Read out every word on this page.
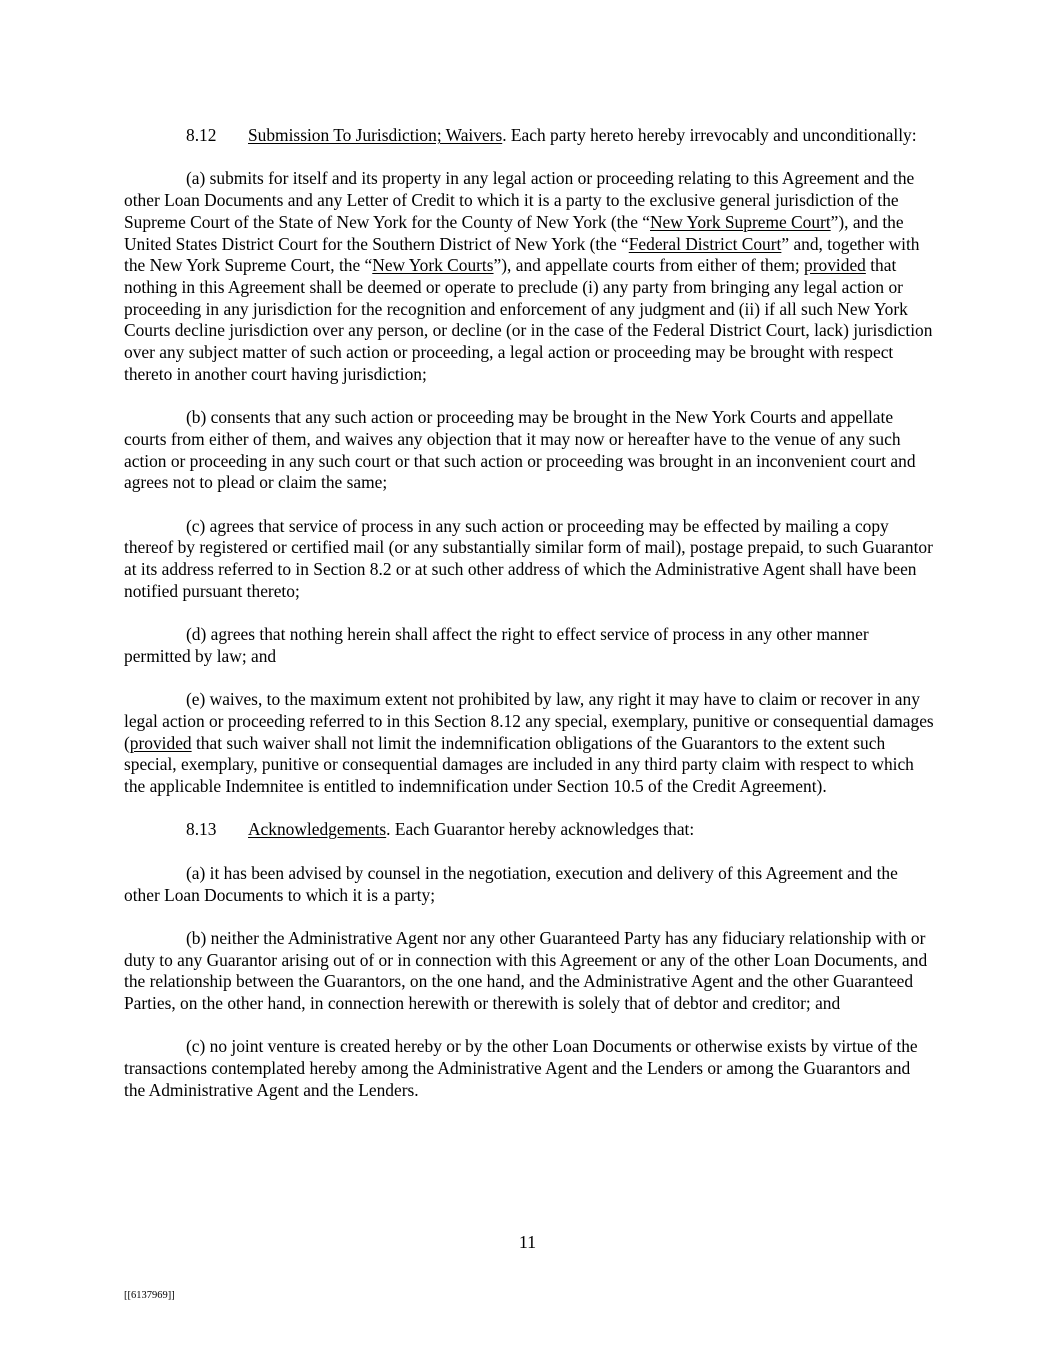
8.12 Submission To Jurisdiction; Waivers. Each party hereto hereby irrevocably and unconditionally:

(a) submits for itself and its property in any legal action or proceeding relating to this Agreement and the other Loan Documents and any Letter of Credit to which it is a party to the exclusive general jurisdiction of the Supreme Court of the State of New York for the County of New York (the “New York Supreme Court”), and the United States District Court for the Southern District of New York (the “Federal District Court” and, together with the New York Supreme Court, the “New York Courts”), and appellate courts from either of them; provided that nothing in this Agreement shall be deemed or operate to preclude (i) any party from bringing any legal action or proceeding in any jurisdiction for the recognition and enforcement of any judgment and (ii) if all such New York Courts decline jurisdiction over any person, or decline (or in the case of the Federal District Court, lack) jurisdiction over any subject matter of such action or proceeding, a legal action or proceeding may be brought with respect thereto in another court having jurisdiction;

(b) consents that any such action or proceeding may be brought in the New York Courts and appellate courts from either of them, and waives any objection that it may now or hereafter have to the venue of any such action or proceeding in any such court or that such action or proceeding was brought in an inconvenient court and agrees not to plead or claim the same;

(c) agrees that service of process in any such action or proceeding may be effected by mailing a copy thereof by registered or certified mail (or any substantially similar form of mail), postage prepaid, to such Guarantor at its address referred to in Section 8.2 or at such other address of which the Administrative Agent shall have been notified pursuant thereto;

(d) agrees that nothing herein shall affect the right to effect service of process in any other manner permitted by law; and

(e) waives, to the maximum extent not prohibited by law, any right it may have to claim or recover in any legal action or proceeding referred to in this Section 8.12 any special, exemplary, punitive or consequential damages (provided that such waiver shall not limit the indemnification obligations of the Guarantors to the extent such special, exemplary, punitive or consequential damages are included in any third party claim with respect to which the applicable Indemnitee is entitled to indemnification under Section 10.5 of the Credit Agreement).

8.13 Acknowledgements. Each Guarantor hereby acknowledges that:

(a) it has been advised by counsel in the negotiation, execution and delivery of this Agreement and the other Loan Documents to which it is a party;

(b) neither the Administrative Agent nor any other Guaranteed Party has any fiduciary relationship with or duty to any Guarantor arising out of or in connection with this Agreement or any of the other Loan Documents, and the relationship between the Guarantors, on the one hand, and the Administrative Agent and the other Guaranteed Parties, on the other hand, in connection herewith or therewith is solely that of debtor and creditor; and

(c) no joint venture is created hereby or by the other Loan Documents or otherwise exists by virtue of the transactions contemplated hereby among the Administrative Agent and the Lenders or among the Guarantors and the Administrative Agent and the Lenders.

11
[[6137969]]
